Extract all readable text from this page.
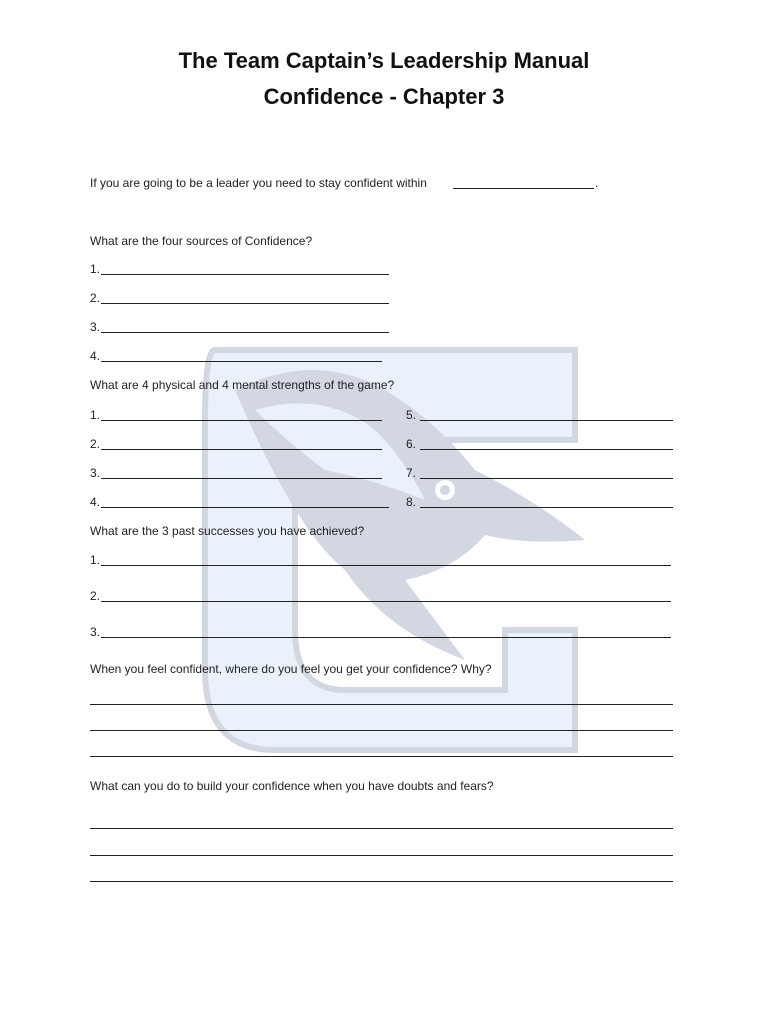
The Team Captain’s Leadership Manual
Confidence - Chapter 3
If you are going to be a leader you need to stay confident within	.
What are the four sources of Confidence?
1.
2.
3.
4.
What are 4 physical and 4 mental strengths of the game?
1.	5.
2.	6.
3.	7.
4.	8.
What are the 3 past successes you have achieved?
1.
2.
3.
When you feel confident, where do you feel you get your confidence? Why?
What can you do to build your confidence when you have doubts and fears?
